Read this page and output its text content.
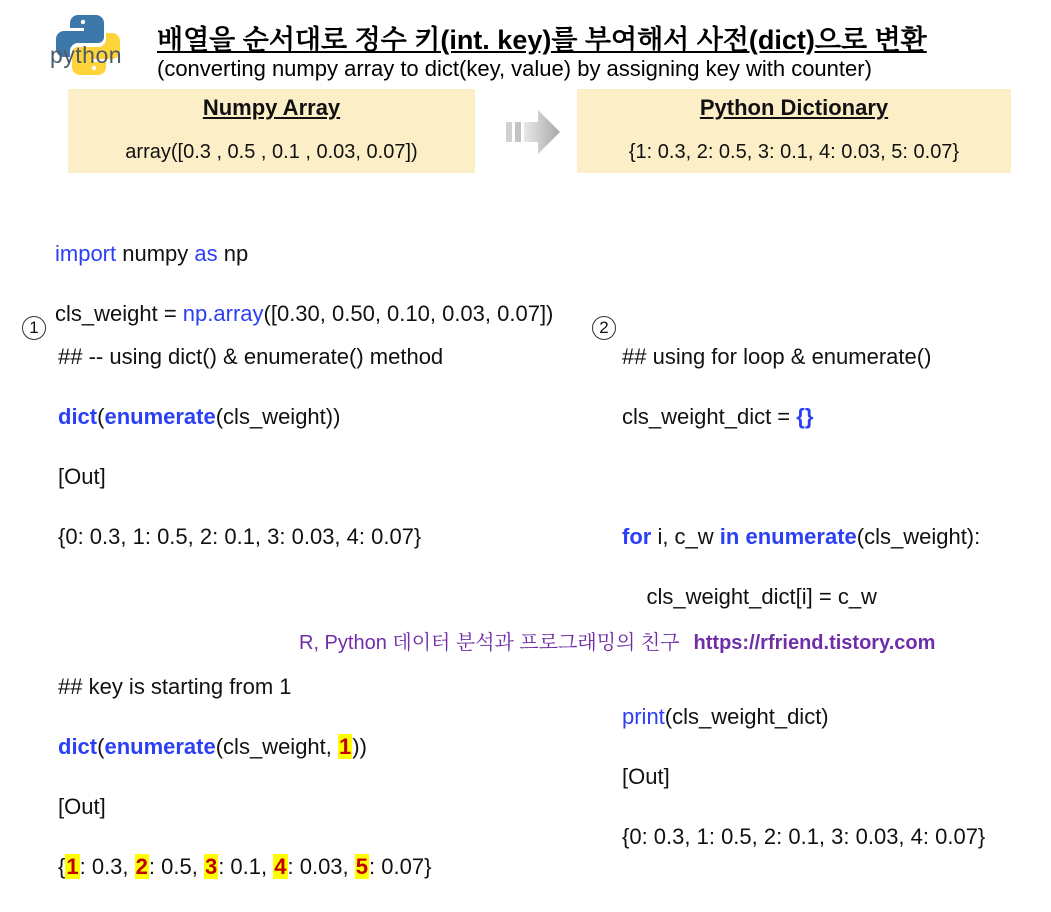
python 배열을 순서대로 정수 키(int. key)를 부여해서 사전(dict)으로 변환
(converting numpy array to dict(key, value) by assigning key with counter)
Numpy Array
array([0.3 , 0.5 , 0.1 , 0.03, 0.07])
Python Dictionary
{1: 0.3, 2: 0.5, 3: 0.1, 4: 0.03, 5: 0.07}

import numpy as np

cls_weight = np.array([0.30, 0.50, 0.10, 0.03, 0.07])

1

## -- using dict() & enumerate() method

dict(enumerate(cls_weight))

[Out]

{0: 0.3, 1: 0.5, 2: 0.1, 3: 0.03, 4: 0.07}

## key is starting from 1

dict(enumerate(cls_weight, 1))

[Out]

{1: 0.3, 2: 0.5, 3: 0.1, 4: 0.03, 5: 0.07}

2

## using for loop & enumerate()

cls_weight_dict = {}

for i, c_w in enumerate(cls_weight):

cls_weight_dict[i] = c_w

print(cls_weight_dict)

[Out]

{0: 0.3, 1: 0.5, 2: 0.1, 3: 0.03, 4: 0.07}

R, Python 데이터 분석과 프로그래밍의 친구 https://rfriend.tistory.com
